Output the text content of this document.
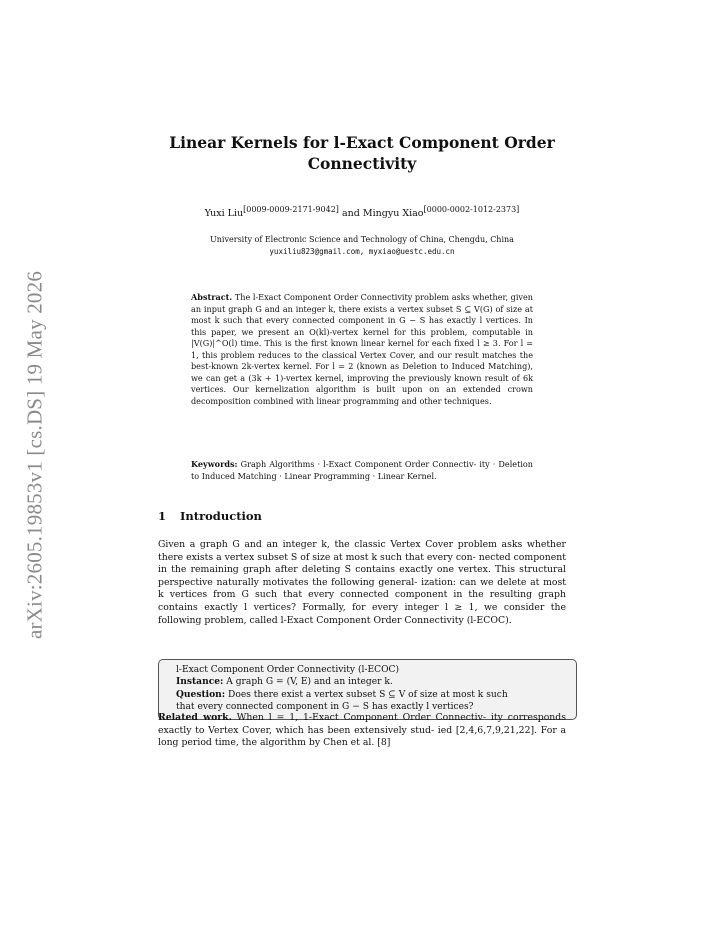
arXiv:2605.19853v1 [cs.DS] 19 May 2026
Linear Kernels for l-Exact Component Order Connectivity
Yuxi Liu[0009-0009-2171-9042] and Mingyu Xiao[0000-0002-1012-2373]
University of Electronic Science and Technology of China, Chengdu, China
yuxiliu823@gmail.com, myxiao@uestc.edu.cn
Abstract. The l-Exact Component Order Connectivity problem asks whether, given an input graph G and an integer k, there exists a vertex subset S ⊆ V(G) of size at most k such that every connected component in G − S has exactly l vertices. In this paper, we present an O(kl)-vertex kernel for this problem, computable in |V(G)|^O(l) time. This is the first known linear kernel for each fixed l ≥ 3. For l = 1, this problem reduces to the classical Vertex Cover, and our result matches the best-known 2k-vertex kernel. For l = 2 (known as Deletion to Induced Matching), we can get a (3k + 1)-vertex kernel, improving the previously known result of 6k vertices. Our kernelization algorithm is built upon on an extended crown decomposition combined with linear programming and other techniques.
Keywords: Graph Algorithms · l-Exact Component Order Connectiv- ity · Deletion to Induced Matching · Linear Programming · Linear Kernel.
1 Introduction
Given a graph G and an integer k, the classic Vertex Cover problem asks whether there exists a vertex subset S of size at most k such that every con- nected component in the remaining graph after deleting S contains exactly one vertex. This structural perspective naturally motivates the following general- ization: can we delete at most k vertices from G such that every connected component in the resulting graph contains exactly l vertices? Formally, for every integer l ≥ 1, we consider the following problem, called l-Exact Component Order Connectivity (l-ECOC).
l-Exact Component Order Connectivity (l-ECOC)
Instance: A graph G = (V, E) and an integer k.
Question: Does there exist a vertex subset S ⊆ V of size at most k such
that every connected component in G − S has exactly l vertices?
Related work. When l = 1, 1-Exact Component Order Connectiv- ity corresponds exactly to Vertex Cover, which has been extensively stud- ied [2,4,6,7,9,21,22]. For a long period time, the algorithm by Chen et al. [8]
